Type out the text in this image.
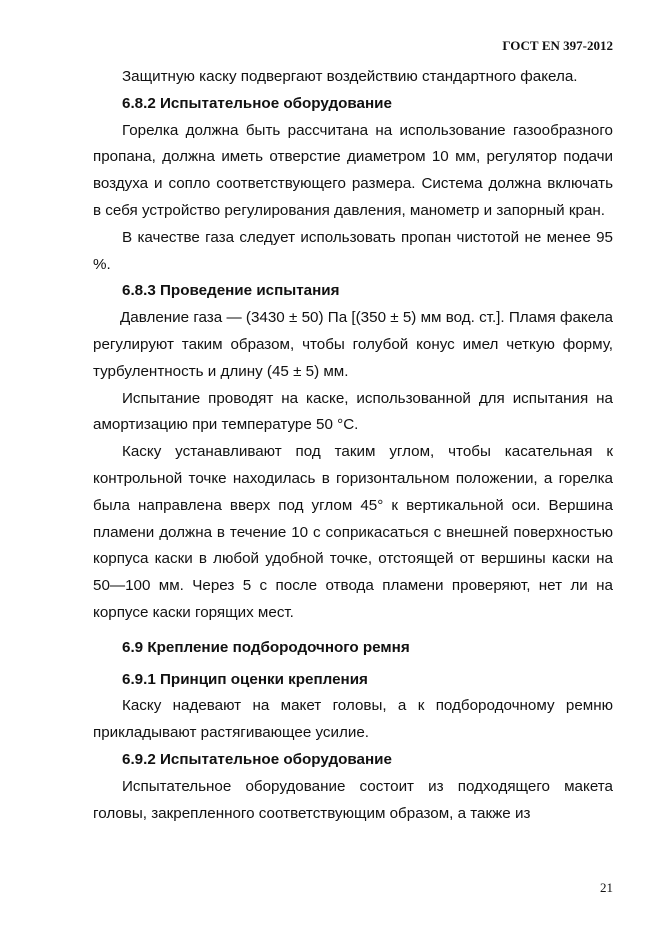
ГОСТ EN 397-2012

Защитную каску подвергают воздействию стандартного факела.

6.8.2 Испытательное оборудование

Горелка должна быть рассчитана на использование газообразного пропана, должна иметь отверстие диаметром 10 мм, регулятор подачи воздуха и сопло соответствующего размера. Система должна включать в себя устройство регулирования давления, манометр и запорный кран.

В качестве газа следует использовать пропан чистотой не менее 95 %.

6.8.3 Проведение испытания

Давление газа — (3430 ± 50) Па [(350 ± 5) мм вод. ст.]. Пламя факела регулируют таким образом, чтобы голубой конус имел четкую форму, турбулентность и длину (45 ± 5) мм.

Испытание проводят на каске, использованной для испытания на амортизацию при температуре 50 °С.

Каску устанавливают под таким углом, чтобы касательная к контрольной точке находилась в горизонтальном положении, а горелка была направлена вверх под углом 45° к вертикальной оси. Вершина пламени должна в течение 10 с соприкасаться с внешней поверхностью корпуса каски в любой удобной точке, отстоящей от вершины каски на 50—100 мм. Через 5 с после отвода пламени проверяют, нет ли на корпусе каски горящих мест.

6.9 Крепление подбородочного ремня

6.9.1 Принцип оценки крепления

Каску надевают на макет головы, а к подбородочному ремню прикладывают растягивающее усилие.

6.9.2 Испытательное оборудование

Испытательное оборудование состоит из подходящего макета головы, закрепленного соответствующим образом, а также из

21
